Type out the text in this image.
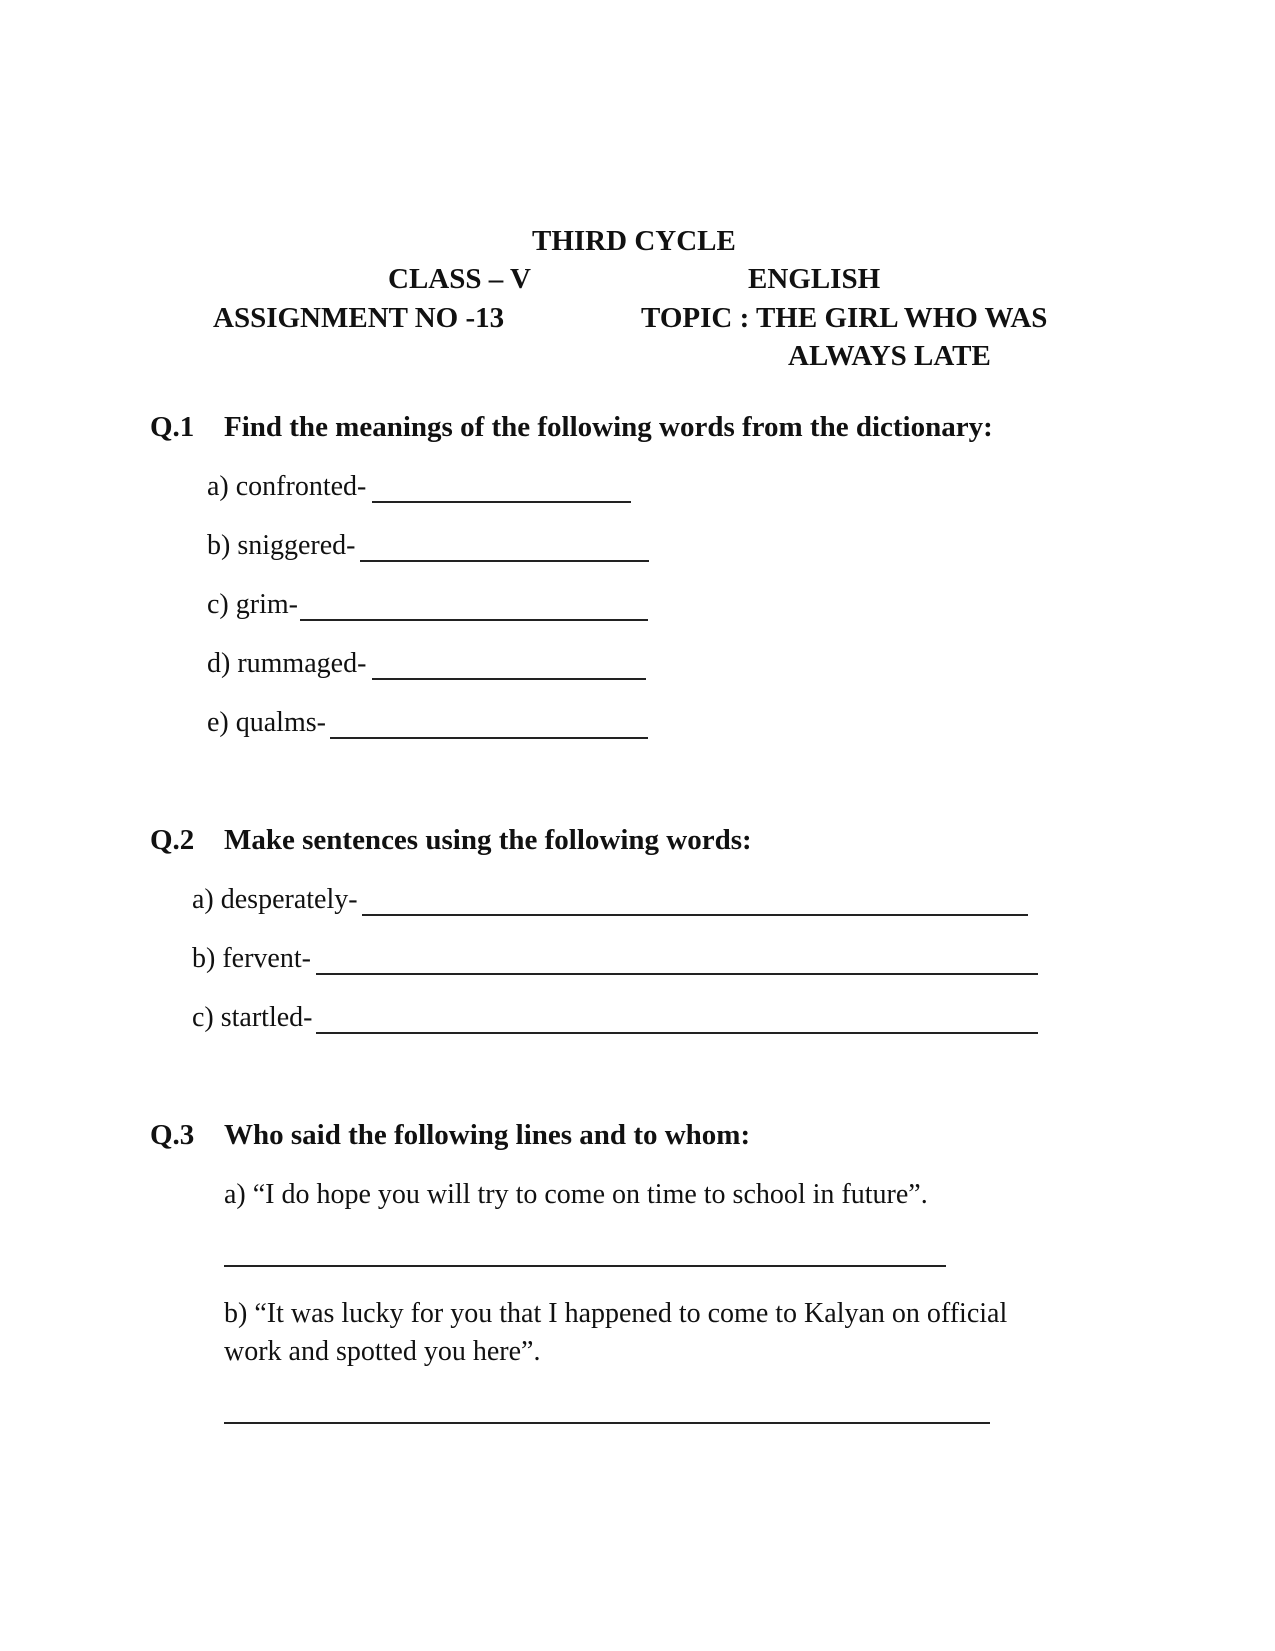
THIRD CYCLE
CLASS – V	ENGLISH
ASSIGNMENT NO -13	TOPIC : THE GIRL WHO WAS
ALWAYS LATE
Q.1 Find the meanings of the following words from the dictionary:
a) confronted-
b) sniggered-
c) grim-
d) rummaged-
e) qualms-
Q.2 Make sentences using the following words:
a) desperately-
b) fervent-
c) startled-
Q.3 Who said the following lines and to whom:
a) “I do hope you will try to come on time to school in future”.
b) “It was lucky for you that I happened to come to Kalyan on official
work and spotted you here”.
